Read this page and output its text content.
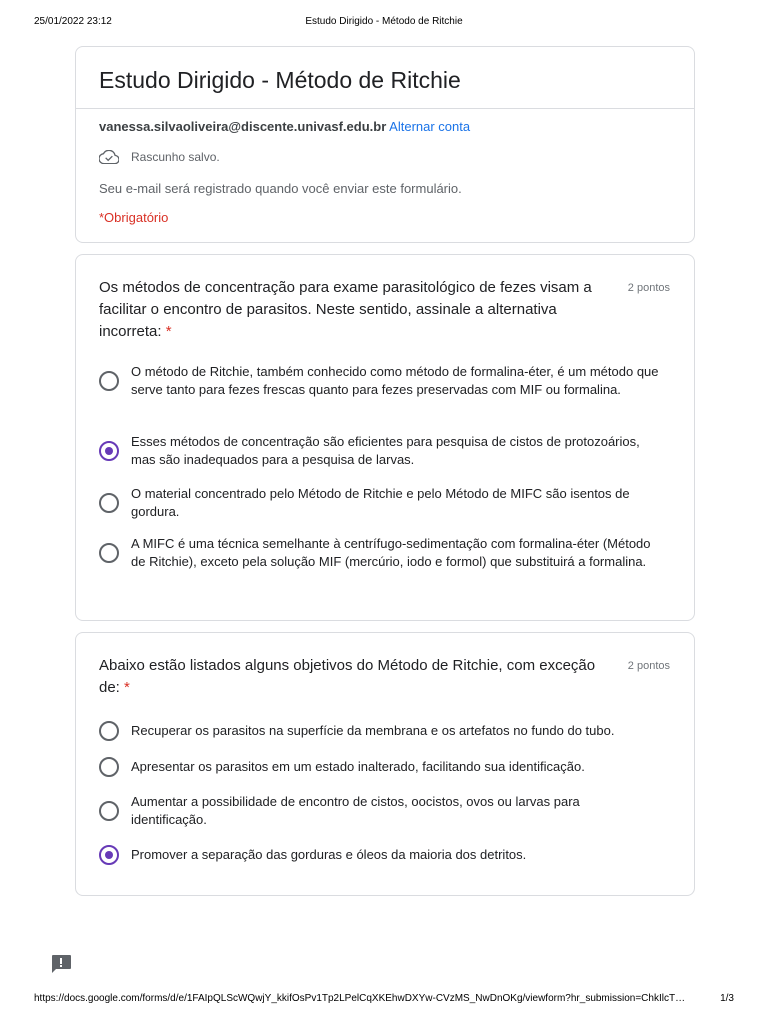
25/01/2022 23:12	Estudo Dirigido - Método de Ritchie
Estudo Dirigido - Método de Ritchie
vanessa.silvaoliveira@discente.univasf.edu.br Alternar conta
Rascunho salvo.
Seu e-mail será registrado quando você enviar este formulário.
*Obrigatório
Os métodos de concentração para exame parasitológico de fezes visam a facilitar o encontro de parasitos. Neste sentido, assinale a alternativa incorreta: *
2 pontos
O método de Ritchie, também conhecido como método de formalina-éter, é um método que serve tanto para fezes frescas quanto para fezes preservadas com MIF ou formalina.
Esses métodos de concentração são eficientes para pesquisa de cistos de protozoários, mas são inadequados para a pesquisa de larvas.
O material concentrado pelo Método de Ritchie e pelo Método de MIFC são isentos de gordura.
A MIFC é uma técnica semelhante à centrífugo-sedimentação com formalina-éter (Método de Ritchie), exceto pela solução MIF (mercúrio, iodo e formol) que substituirá a formalina.
Abaixo estão listados alguns objetivos do Método de Ritchie, com exceção de: *
2 pontos
Recuperar os parasitos na superfície da membrana e os artefatos no fundo do tubo.
Apresentar os parasitos em um estado inalterado, facilitando sua identificação.
Aumentar a possibilidade de encontro de cistos, oocistos, ovos ou larvas para identificação.
Promover a separação das gorduras e óleos da maioria dos detritos.
https://docs.google.com/forms/d/e/1FAIpQLScWQwjY_kkifOsPv1Tp2LPelCqXKEhwDXYw-CVzMS_NwDnOKg/viewform?hr_submission=ChkIlcT…	1/3
